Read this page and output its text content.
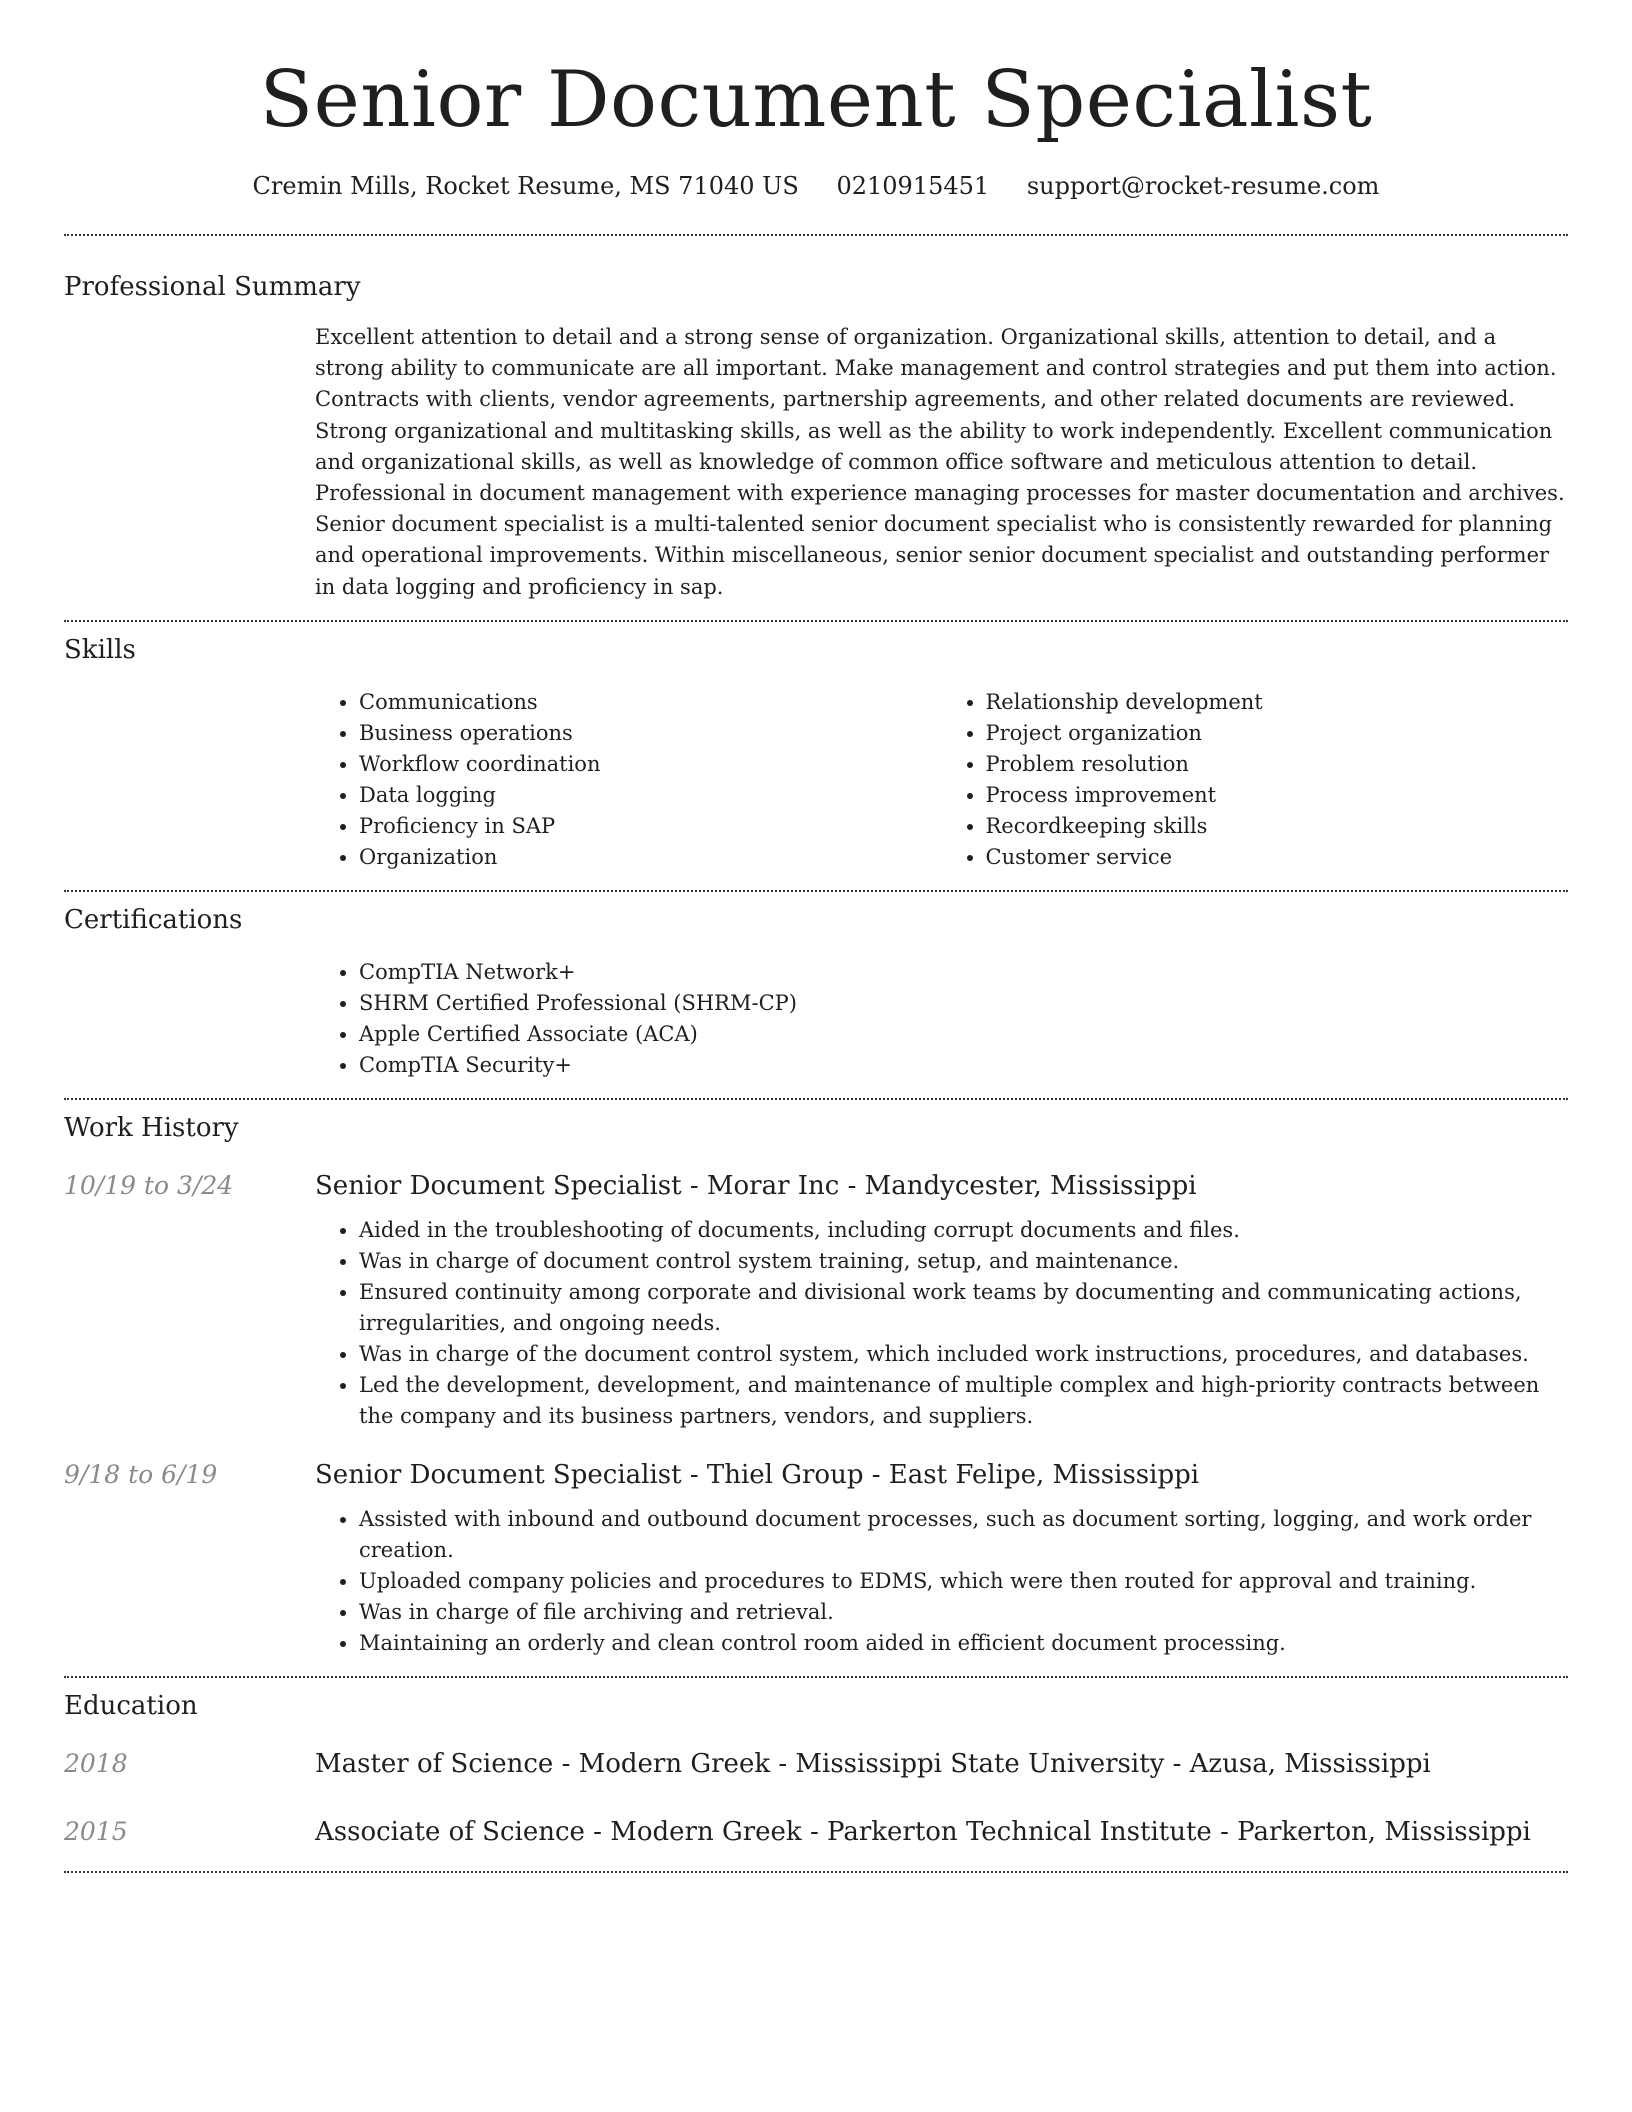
Senior Document Specialist
Cremin Mills, Rocket Resume, MS 71040 US 0210915451 support@rocket-resume.com
Professional Summary

Excellent attention to detail and a strong sense of organization. Organizational skills, attention to detail, and a strong ability to communicate are all important. Make management and control strategies and put them into action. Contracts with clients, vendor agreements, partnership agreements, and other related documents are reviewed. Strong organizational and multitasking skills, as well as the ability to work independently. Excellent communication and organizational skills, as well as knowledge of common office software and meticulous attention to detail. Professional in document management with experience managing processes for master documentation and archives. Senior document specialist is a multi-talented senior document specialist who is consistently rewarded for planning and operational improvements. Within miscellaneous, senior senior document specialist and outstanding performer in data logging and proficiency in sap.

Skills
• Communications
• Business operations
• Workflow coordination
• Data logging
• Proficiency in SAP
• Organization
• Relationship development
• Project organization
• Problem resolution
• Process improvement
• Recordkeeping skills
• Customer service
Certifications
• CompTIA Network+
• SHRM Certified Professional (SHRM-CP)
• Apple Certified Associate (ACA)
• CompTIA Security+
Work History
10/19 to 3/24	Senior Document Specialist - Morar Inc - Mandycester, Mississippi
• Aided in the troubleshooting of documents, including corrupt documents and files.
• Was in charge of document control system training, setup, and maintenance.
• Ensured continuity among corporate and divisional work teams by documenting and communicating actions, irregularities, and ongoing needs.
• Was in charge of the document control system, which included work instructions, procedures, and databases.
• Led the development, development, and maintenance of multiple complex and high-priority contracts between the company and its business partners, vendors, and suppliers.
9/18 to 6/19	Senior Document Specialist - Thiel Group - East Felipe, Mississippi
• Assisted with inbound and outbound document processes, such as document sorting, logging, and work order creation.
• Uploaded company policies and procedures to EDMS, which were then routed for approval and training.
• Was in charge of file archiving and retrieval.
• Maintaining an orderly and clean control room aided in efficient document processing.
Education
2018	Master of Science - Modern Greek - Mississippi State University - Azusa, Mississippi
2015	Associate of Science - Modern Greek - Parkerton Technical Institute - Parkerton, Mississippi
